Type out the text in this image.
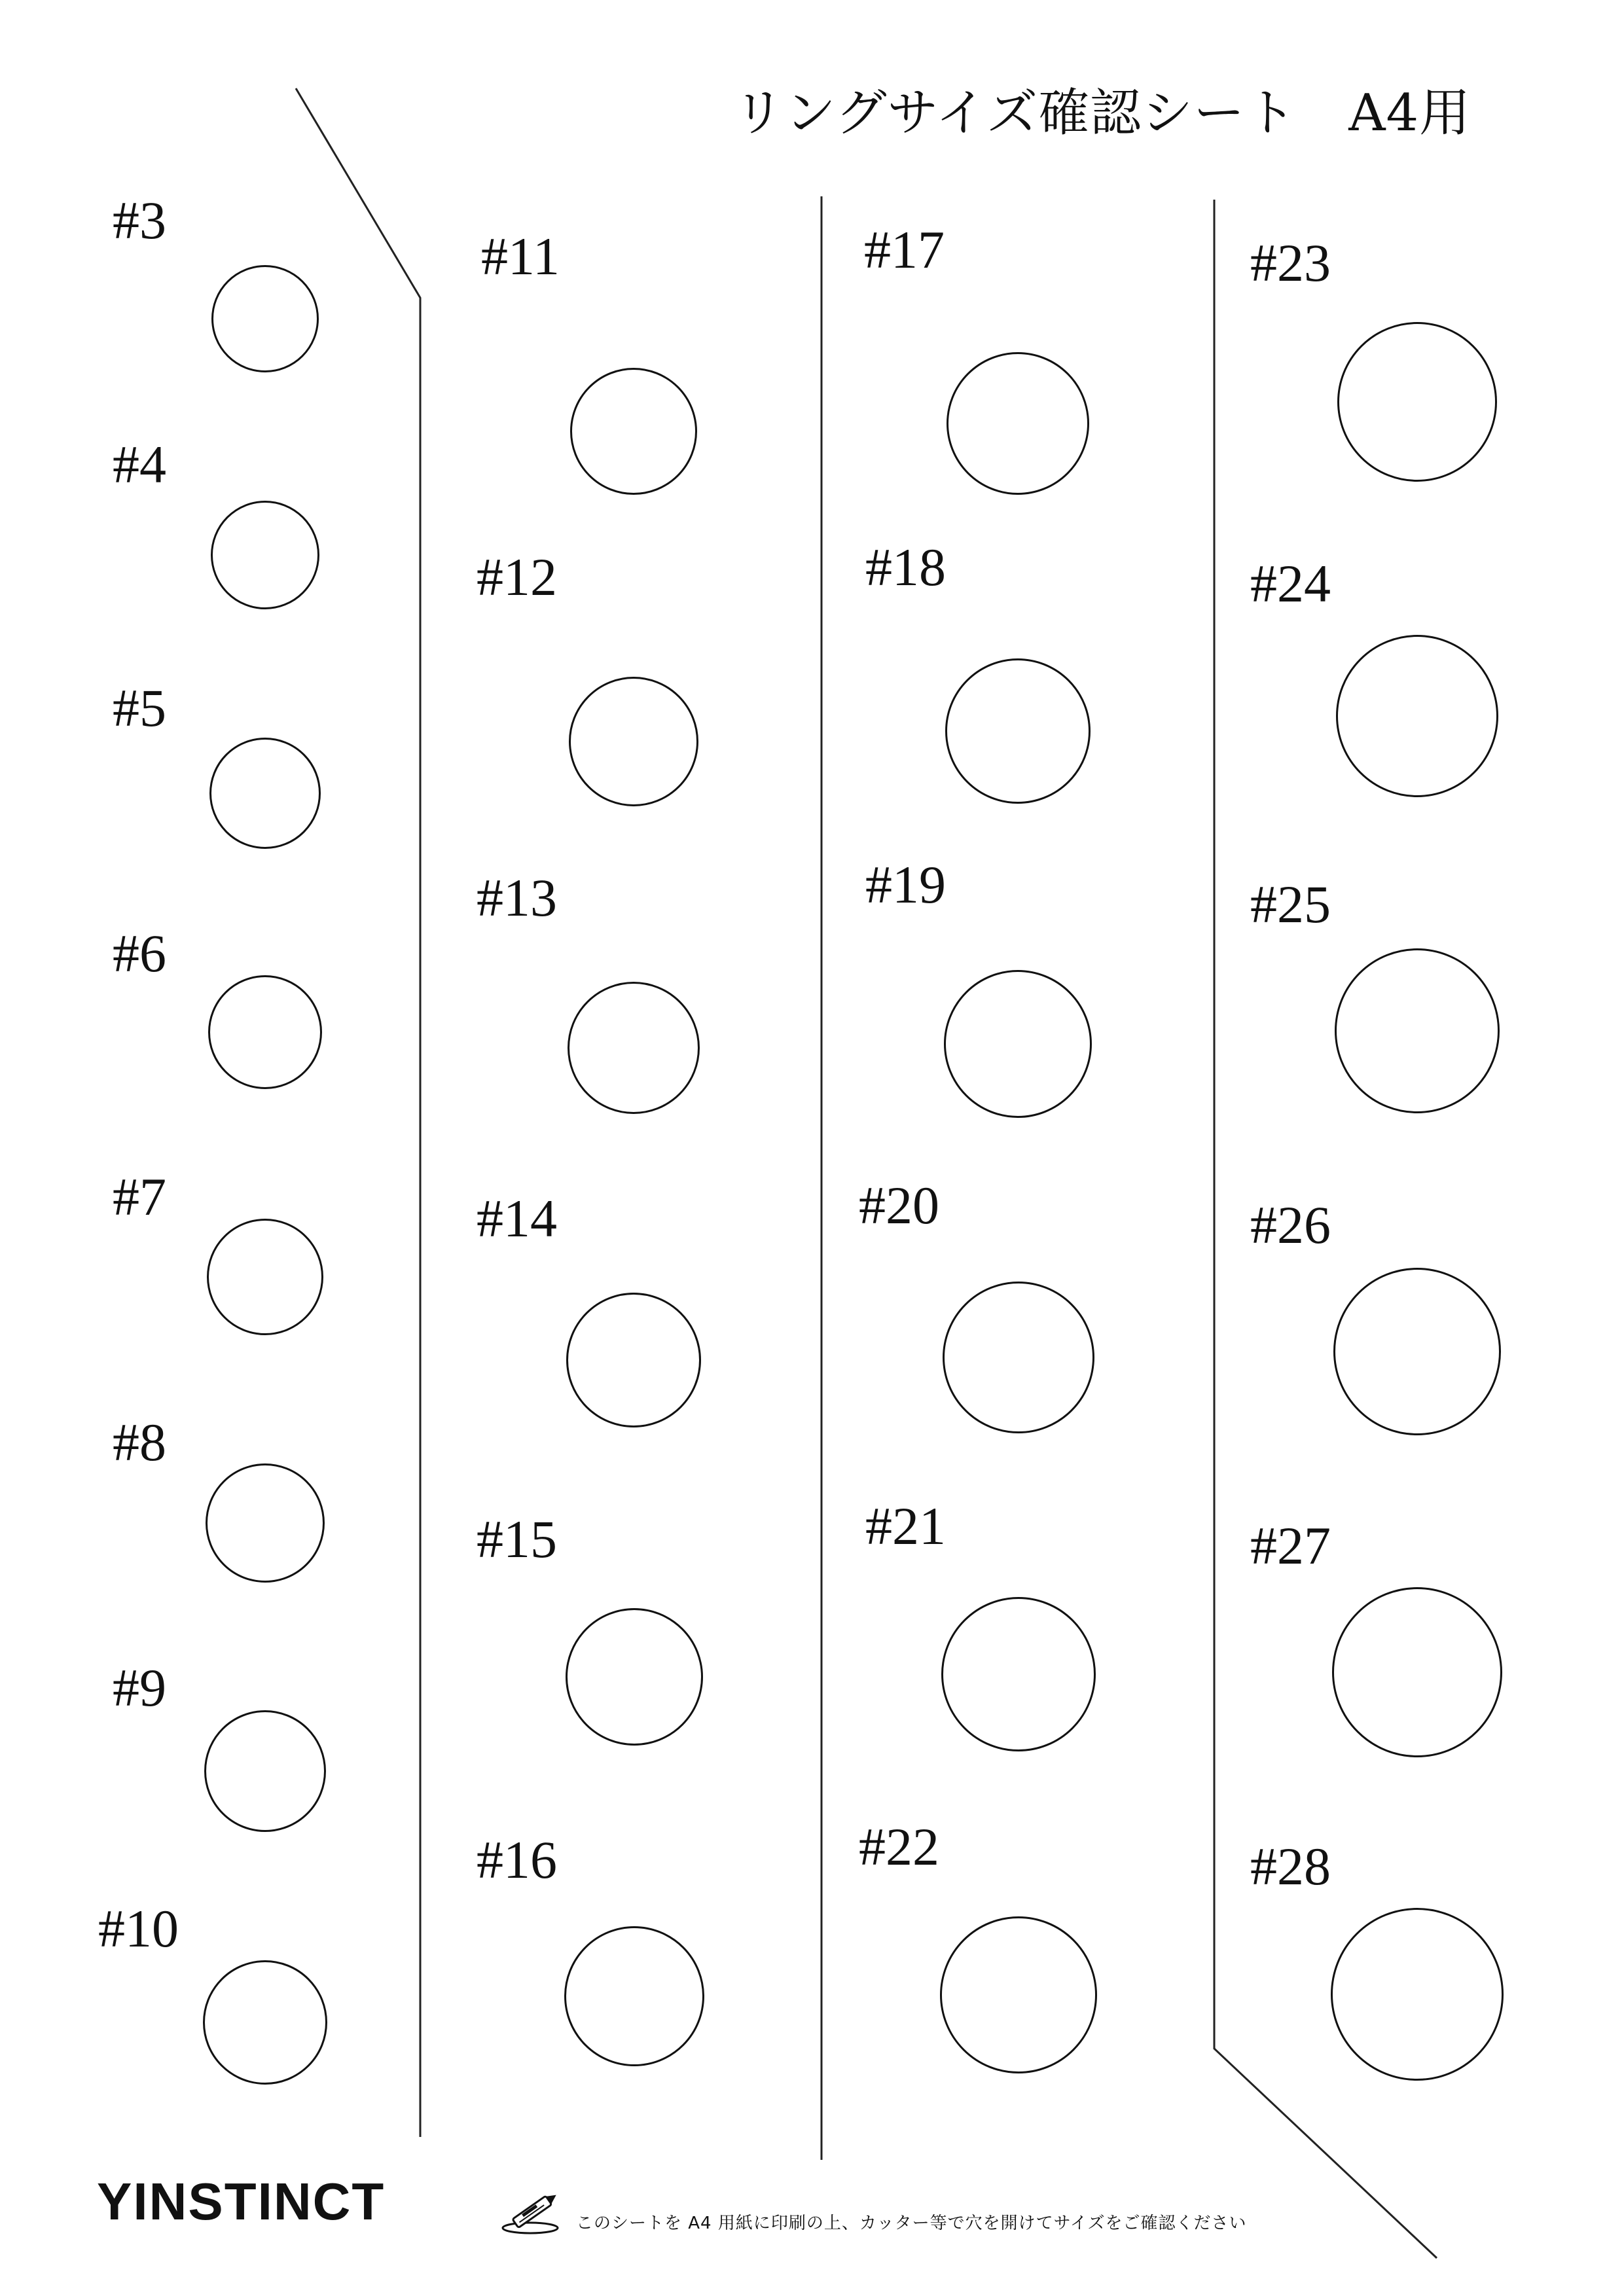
リングサイズ確認シート　A4用
#3
#4
#5
#6
#7
#8
#9
#10
#11
#12
#13
#14
#15
#16
#17
#18
#19
#20
#21
#22
#23
#24
#25
#26
#27
#28
YINSTINCT	このシートを A4 用紙に印刷の上、カッター等で穴を開けてサイズをご確認ください
